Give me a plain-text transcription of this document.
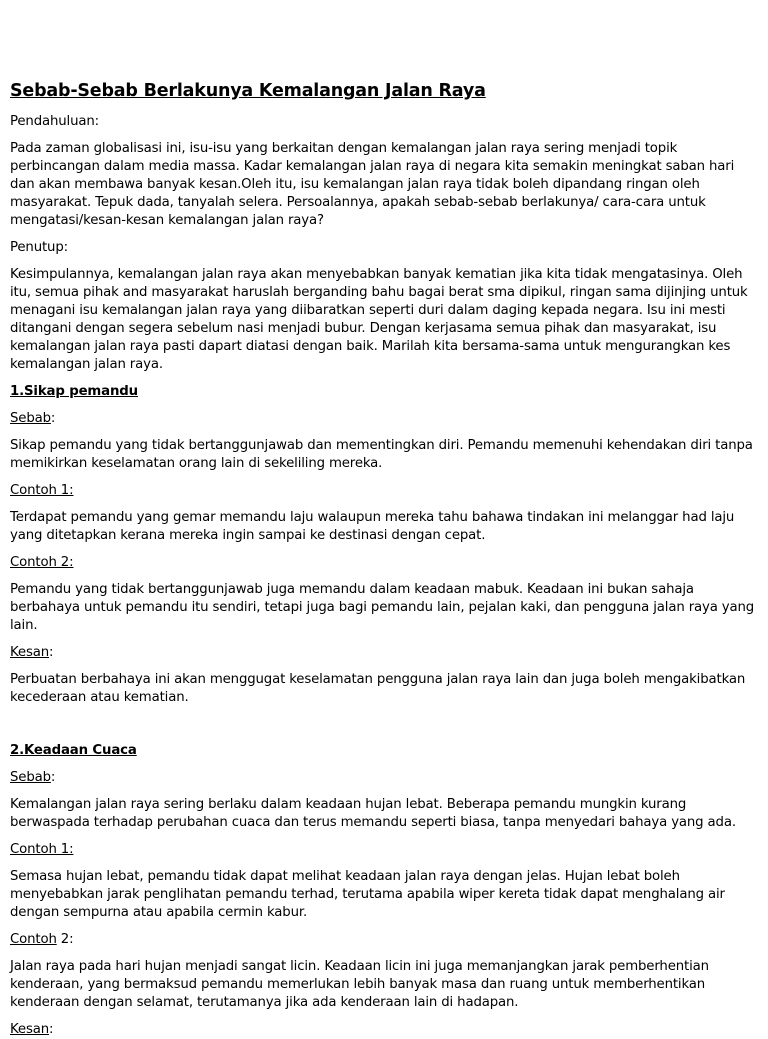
Sebab-Sebab Berlakunya Kemalangan Jalan Raya

Pendahuluan:

Pada zaman globalisasi ini, isu-isu yang berkaitan dengan kemalangan jalan raya sering menjadi topik perbincangan dalam media massa. Kadar kemalangan jalan raya di negara kita semakin meningkat saban hari dan akan membawa banyak kesan.Oleh itu, isu kemalangan jalan raya tidak boleh dipandang ringan oleh masyarakat. Tepuk dada, tanyalah selera. Persoalannya, apakah sebab-sebab berlakunya/ cara-cara untuk mengatasi/kesan-kesan kemalangan jalan raya?

Penutup:

Kesimpulannya, kemalangan jalan raya akan menyebabkan banyak kematian jika kita tidak mengatasinya. Oleh itu, semua pihak and masyarakat haruslah berganding bahu bagai berat sma dipikul, ringan sama dijinjing untuk menagani isu kemalangan jalan raya yang diibaratkan seperti duri dalam daging kepada negara. Isu ini mesti ditangani dengan segera sebelum nasi menjadi bubur. Dengan kerjasama semua pihak dan masyarakat, isu kemalangan jalan raya pasti dapart diatasi dengan baik. Marilah kita bersama-sama untuk mengurangkan kes kemalangan jalan raya.

1.Sikap pemandu

Sebab:

Sikap pemandu yang tidak bertanggunjawab dan mementingkan diri. Pemandu memenuhi kehendakan diri tanpa memikirkan keselamatan orang lain di sekeliling mereka.

Contoh 1:

Terdapat pemandu yang gemar memandu laju walaupun mereka tahu bahawa tindakan ini melanggar had laju yang ditetapkan kerana mereka ingin sampai ke destinasi dengan cepat.

Contoh 2:

Pemandu yang tidak bertanggunjawab juga memandu dalam keadaan mabuk. Keadaan ini bukan sahaja berbahaya untuk pemandu itu sendiri, tetapi juga bagi pemandu lain, pejalan kaki, dan pengguna jalan raya yang lain.

Kesan:

Perbuatan berbahaya ini akan menggugat keselamatan pengguna jalan raya lain dan juga boleh mengakibatkan kecederaan atau kematian.

2.Keadaan Cuaca

Sebab:

Kemalangan jalan raya sering berlaku dalam keadaan hujan lebat. Beberapa pemandu mungkin kurang berwaspada terhadap perubahan cuaca dan terus memandu seperti biasa, tanpa menyedari bahaya yang ada.

Contoh 1:

Semasa hujan lebat, pemandu tidak dapat melihat keadaan jalan raya dengan jelas. Hujan lebat boleh menyebabkan jarak penglihatan pemandu terhad, terutama apabila wiper kereta tidak dapat menghalang air dengan sempurna atau apabila cermin kabur.

Contoh 2:

Jalan raya pada hari hujan menjadi sangat licin. Keadaan licin ini juga memanjangkan jarak pemberhentian kenderaan, yang bermaksud pemandu memerlukan lebih banyak masa dan ruang untuk memberhentikan kenderaan dengan selamat, terutamanya jika ada kenderaan lain di hadapan.

Kesan:
